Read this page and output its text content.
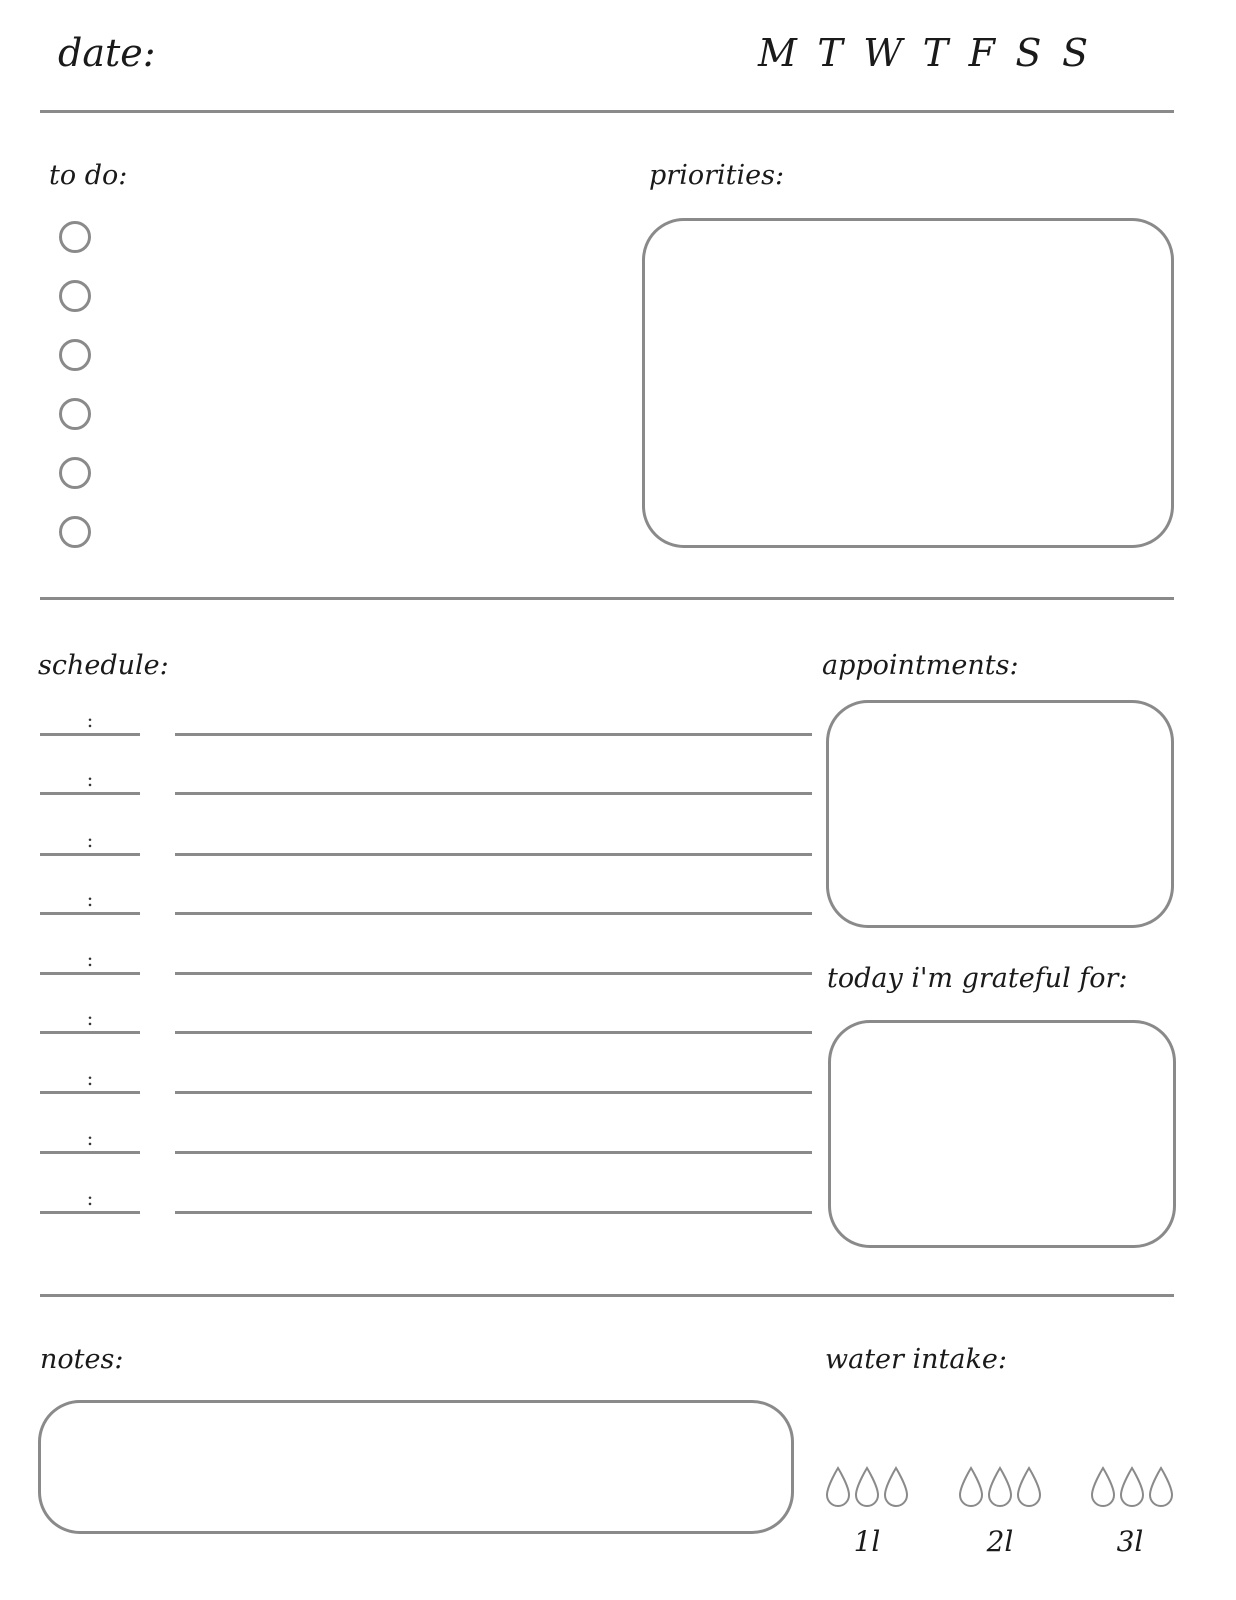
date:	M T W T F S S
to do:	priorities:
schedule:
:
:
:
:
:
:
:
:
:
appointments:
today i'm grateful for:
notes:	water intake:
1l	2l	3l
